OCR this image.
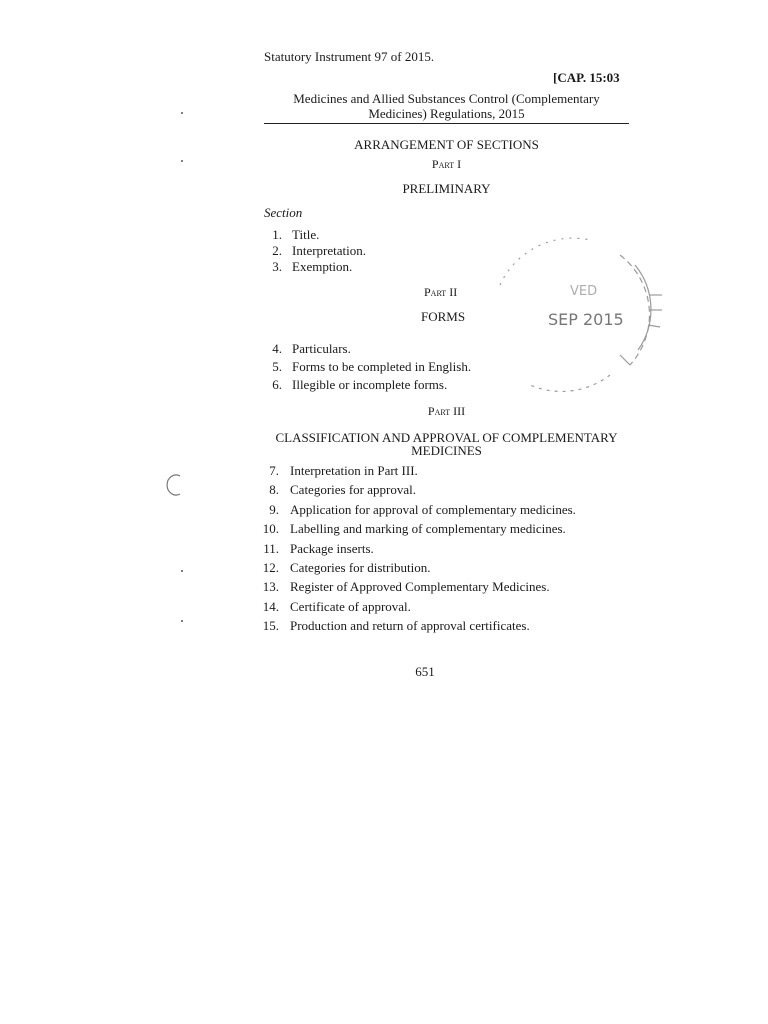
Statutory Instrument 97 of 2015.
[CAP. 15:03
Medicines and Allied Substances Control (Complementary
Medicines) Regulations, 2015
ARRANGEMENT OF SECTIONS
Part I
PRELIMINARY
Section
1. Title.
2. Interpretation.
3. Exemption.
Part II
FORMS
4. Particulars.
5. Forms to be completed in English.
6. Illegible or incomplete forms.
Part III
CLASSIFICATION AND APPROVAL OF COMPLEMENTARY
MEDICINES
7. Interpretation in Part III.
8. Categories for approval.
9. Application for approval of complementary medicines.
10. Labelling and marking of complementary medicines.
11. Package inserts.
12. Categories for distribution.
13. Register of Approved Complementary Medicines.
14. Certificate of approval.
15. Production and return of approval certificates.
651
SEP 2015
VED
